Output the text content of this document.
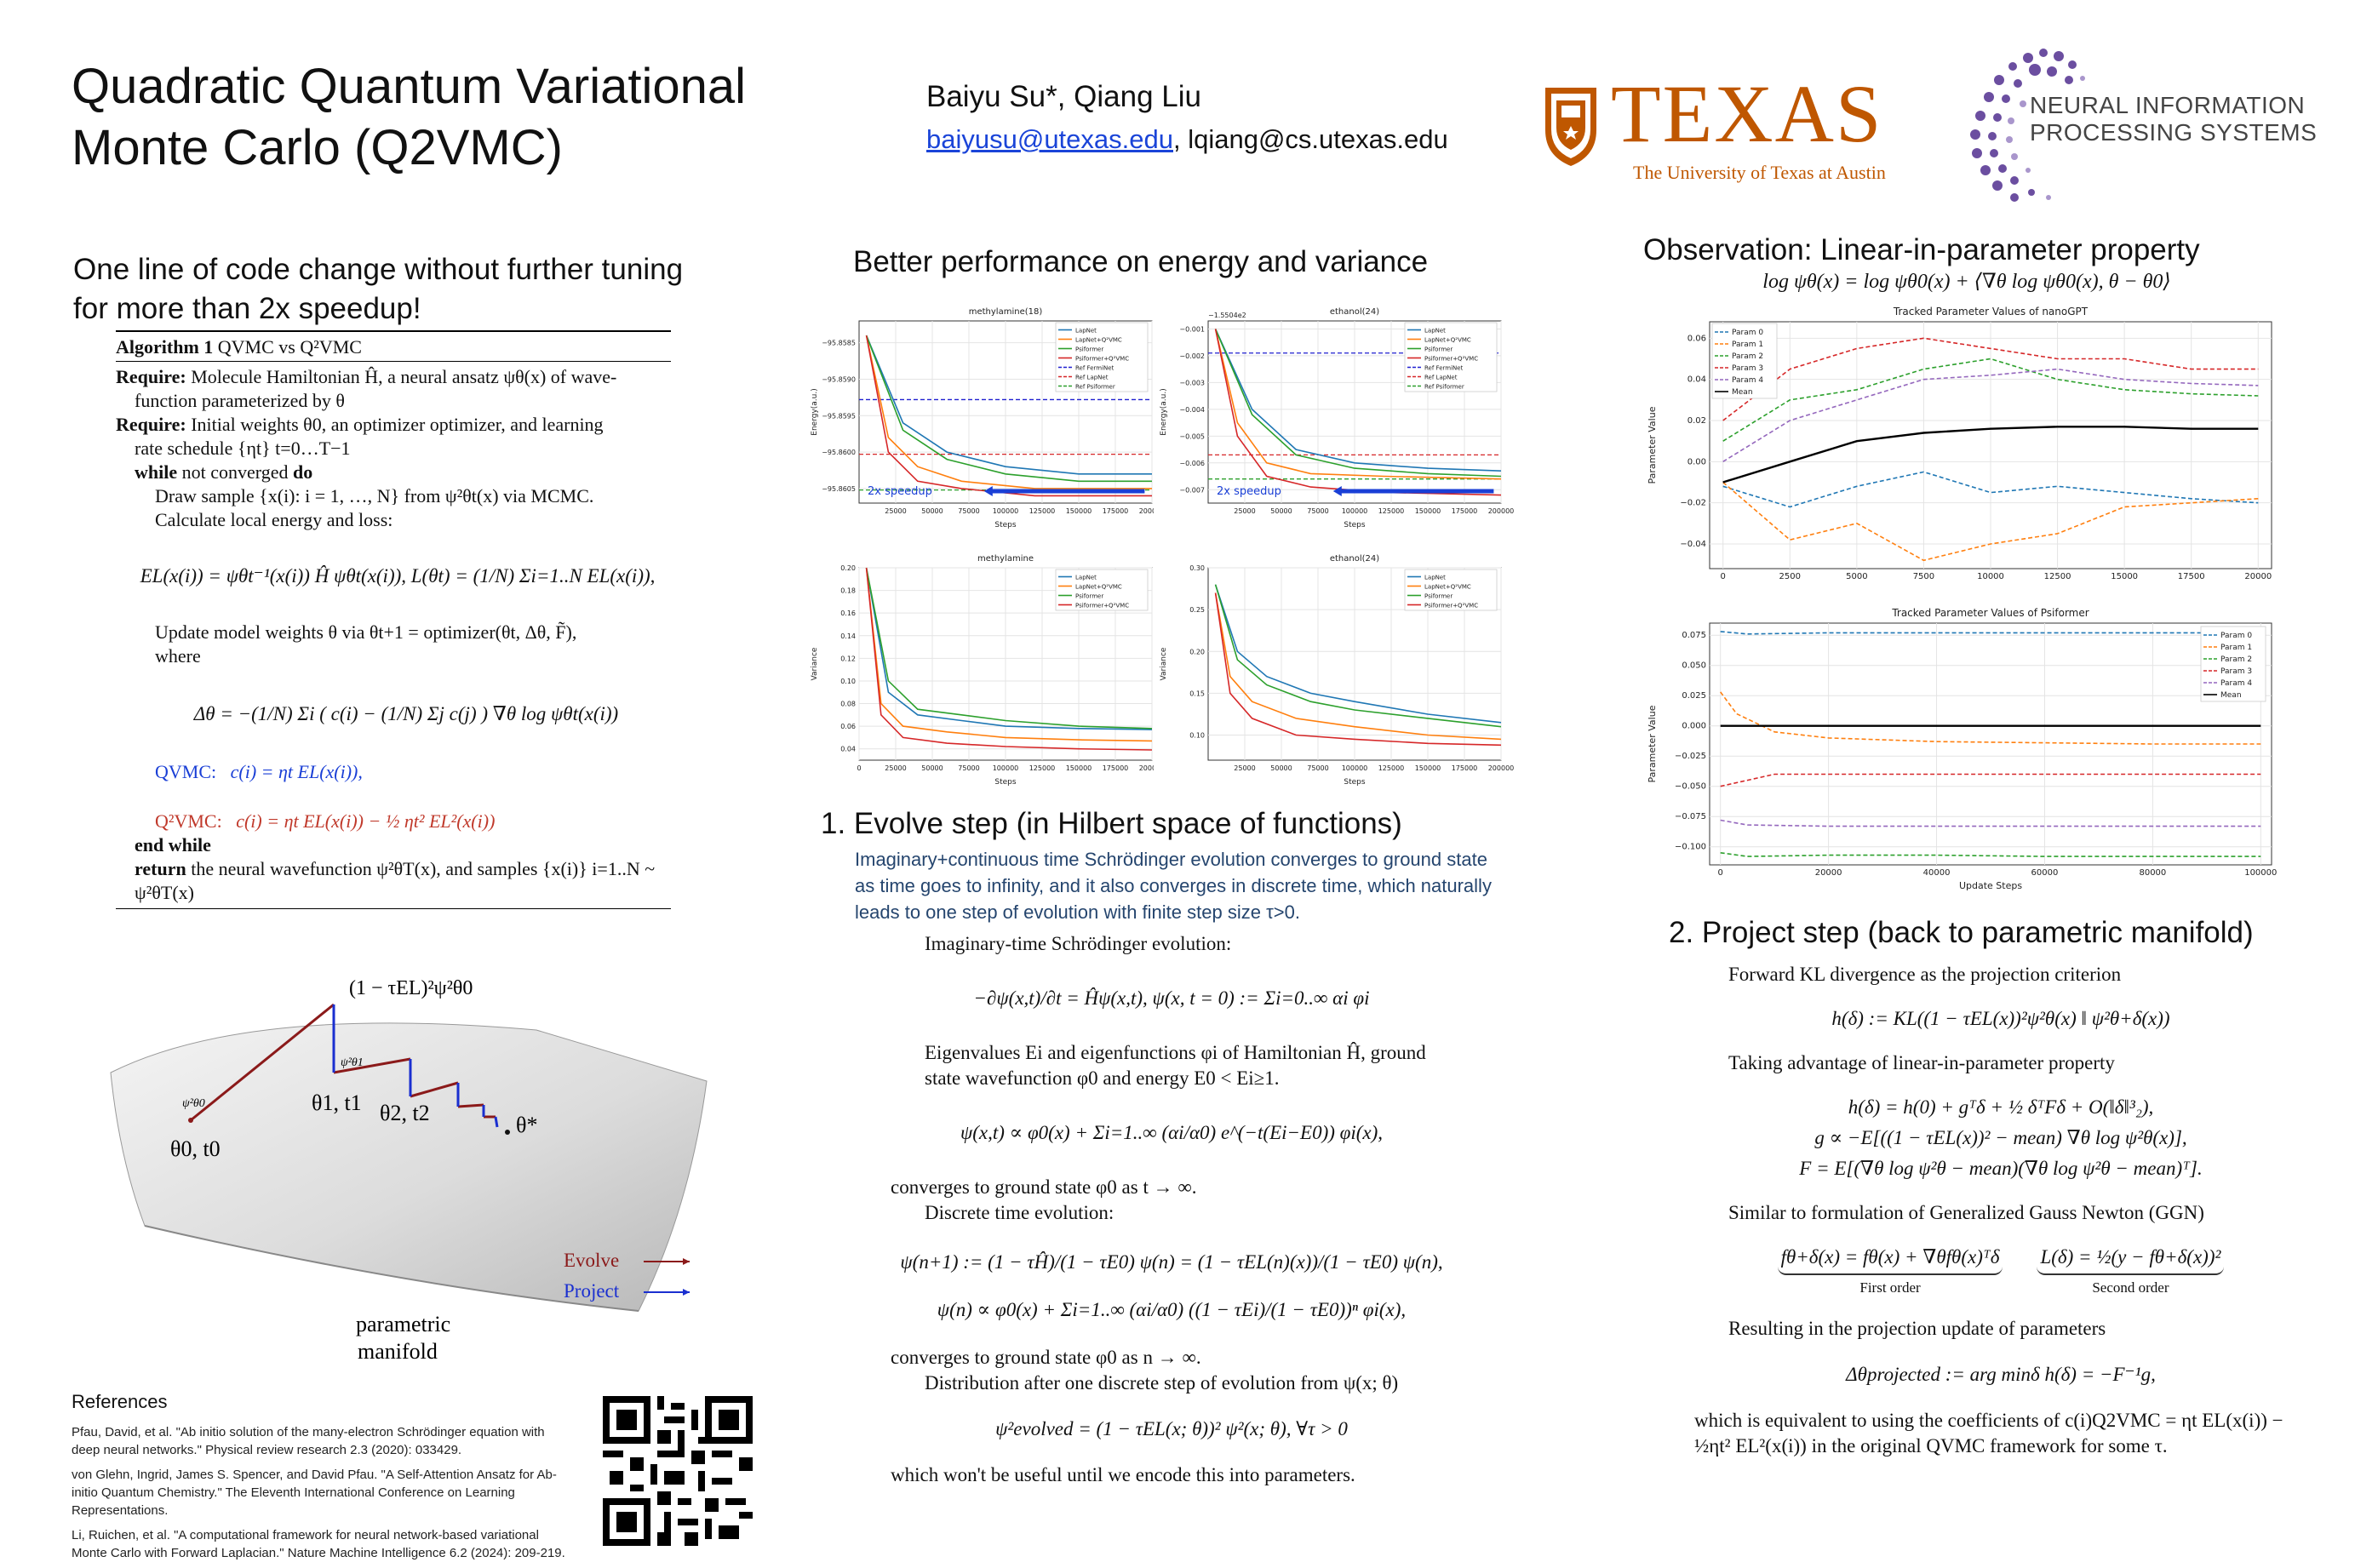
Quadratic Quantum Variational
Monte Carlo (Q2VMC)
Baiyu Su*, Qiang Liu
baiyusu@utexas.edu, lqiang@cs.utexas.edu TEXAS
The University of Texas at Austin
NEURAL INFORMATION
PROCESSING SYSTEMS
One line of code change without further tuning
for more than 2x speedup!
Algorithm 1 QVMC vs Q²VMC
Require: Molecule Hamiltonian Ĥ, a neural ansatz ψθ(x) of wave-
function parameterized by θ
Require: Initial weights θ0, an optimizer optimizer, and learning
rate schedule {ηt} t=0…T−1
while not converged do
Draw sample {x(i): i = 1, …, N} from ψ²θt(x) via MCMC.
Calculate local energy and loss:
EL(x(i)) = ψθt⁻¹(x(i)) Ĥ ψθt(x(i)), L(θt) = (1/N) Σi=1..N EL(x(i)),
Update model weights θ via θt+1 = optimizer(θt, Δθ, F̃),
where
Δθ = −(1/N) Σi ( c(i) − (1/N) Σj c(j) ) ∇θ log ψθt(x(i))
QVMC: c(i) = ηt EL(x(i)),
Q²VMC: c(i) = ηt EL(x(i)) − ½ ηt² EL²(x(i))
end while
return the neural wavefunction ψ²θT(x), and samples {x(i)} i=1..N ~
ψ²θT(x)
(1 − τEL)²ψ²θ0
ψ²θ0
ψ²θ1
θ0, t0
θ1, t1 θ2, t2	θ*
Evolve
Project
parametric
manifold
References
Pfau, David, et al. "Ab initio solution of the many-electron Schrödinger equation with deep neural networks." Physical review research 2.3 (2020): 033429.
von Glehn, Ingrid, James S. Spencer, and David Pfau. "A Self-Attention Ansatz for Ab-initio Quantum Chemistry." The Eleventh International Conference on Learning Representations.
Li, Ruichen, et al. "A computational framework for neural network-based variational Monte Carlo with Forward Laplacian." Nature Machine Intelligence 6.2 (2024): 209-219.
Better performance on energy and variance
methylamine(18)
25000 50000 75000 100000 125000 150000 175000 200000
−95.8585
−95.8590
−95.8595
−95.8600
−95.8605
Steps
Energy(a.u.)
2x speedup
LapNet
LapNet+Q²VMC
Psiformer
Psiformer+Q²VMC
Ref FermiNet
Ref LapNet
Ref Psiformer
ethanol(24)
25000 50000 75000 100000 125000 150000 175000 200000
−0.001
−0.002
−0.003
−0.004
−0.005
−0.006
−0.007
−1.5504e2
Steps
Energy(a.u.)
2x speedup
LapNet
LapNet+Q²VMC
Psiformer
Psiformer+Q²VMC
Ref FermiNet
Ref LapNet
Ref Psiformer
methylamine
0	25000 50000 75000 100000 125000 150000 175000 200000
0.20
0.18
0.16
0.14
0.12
0.10
0.08
0.06
0.04
Steps
Variance
LapNet
LapNet+Q²VMC
Psiformer
Psiformer+Q²VMC
ethanol(24)
25000 50000 75000 100000 125000 150000 175000 200000
0.30
0.25
0.20
0.15
0.10
Steps
Variance
LapNet
LapNet+Q²VMC
Psiformer
Psiformer+Q²VMC
1. Evolve step (in Hilbert space of functions)
Imaginary+continuous time Schrödinger evolution converges to ground state as time goes to infinity, and it also converges in discrete time, which naturally leads to one step of evolution with finite step size τ>0.
Imaginary-time Schrödinger evolution:
−∂ψ(x,t)/∂t = Ĥψ(x,t), ψ(x, t = 0) := Σi=0..∞ αi φi
Eigenvalues Ei and eigenfunctions φi of Hamiltonian Ĥ, ground state wavefunction φ0 and energy E0 < Ei≥1.
ψ(x,t) ∝ φ0(x) + Σi=1..∞ (αi/α0) e^(−t(Ei−E0)) φi(x),
converges to ground state φ0 as t → ∞.
Discrete time evolution:
ψ(n+1) := (1 − τĤ)/(1 − τE0) ψ(n) = (1 − τEL(n)(x))/(1 − τE0) ψ(n),
ψ(n) ∝ φ0(x) + Σi=1..∞ (αi/α0) ((1 − τEi)/(1 − τE0))ⁿ φi(x),
converges to ground state φ0 as n → ∞.
Distribution after one discrete step of evolution from ψ(x; θ)
ψ²evolved = (1 − τEL(x; θ))² ψ²(x; θ), ∀τ > 0
which won't be useful until we encode this into parameters.
Observation: Linear-in-parameter property
log ψθ(x) = log ψθ0(x) + ⟨∇θ log ψθ0(x), θ − θ0⟩
Tracked Parameter Values of nanoGPT
0	2500	5000	7500	10000	12500	15000	17500	20000
0.06
0.04
0.02
0.00
−0.02
−0.04
Parameter Value
Param 0
Param 1
Param 2
Param 3
Param 4
Mean
Tracked Parameter Values of Psiformer
0	20000	40000	60000	80000	100000
0.075
0.050
0.025
0.000
−0.025
−0.050
−0.075
−0.100
Update Steps
Parameter Value
Param 0
Param 1
Param 2
Param 3
Param 4
Mean
2. Project step (back to parametric manifold)
Forward KL divergence as the projection criterion
h(δ) := KL((1 − τEL(x))²ψ²θ(x) ‖ ψ²θ+δ(x))
Taking advantage of linear-in-parameter property
h(δ) = h(0) + gᵀδ + ½ δᵀFδ + O(‖δ‖³₂),
g ∝ −E[((1 − τEL(x))² − mean) ∇θ log ψ²θ(x)],
F = E[(∇θ log ψ²θ − mean)(∇θ log ψ²θ − mean)ᵀ].
Similar to formulation of Generalized Gauss Newton (GGN)
fθ+δ(x) = fθ(x) + ∇θfθ(x)ᵀδ
First order
L(δ) = ½(y − fθ+δ(x))²
Second order
Resulting in the projection update of parameters
Δθprojected := arg minδ h(δ) = −F⁻¹g,
which is equivalent to using the coefficients of c(i)Q2VMC = ηt EL(x(i)) −
½ηt² EL²(x(i)) in the original QVMC framework for some τ.
